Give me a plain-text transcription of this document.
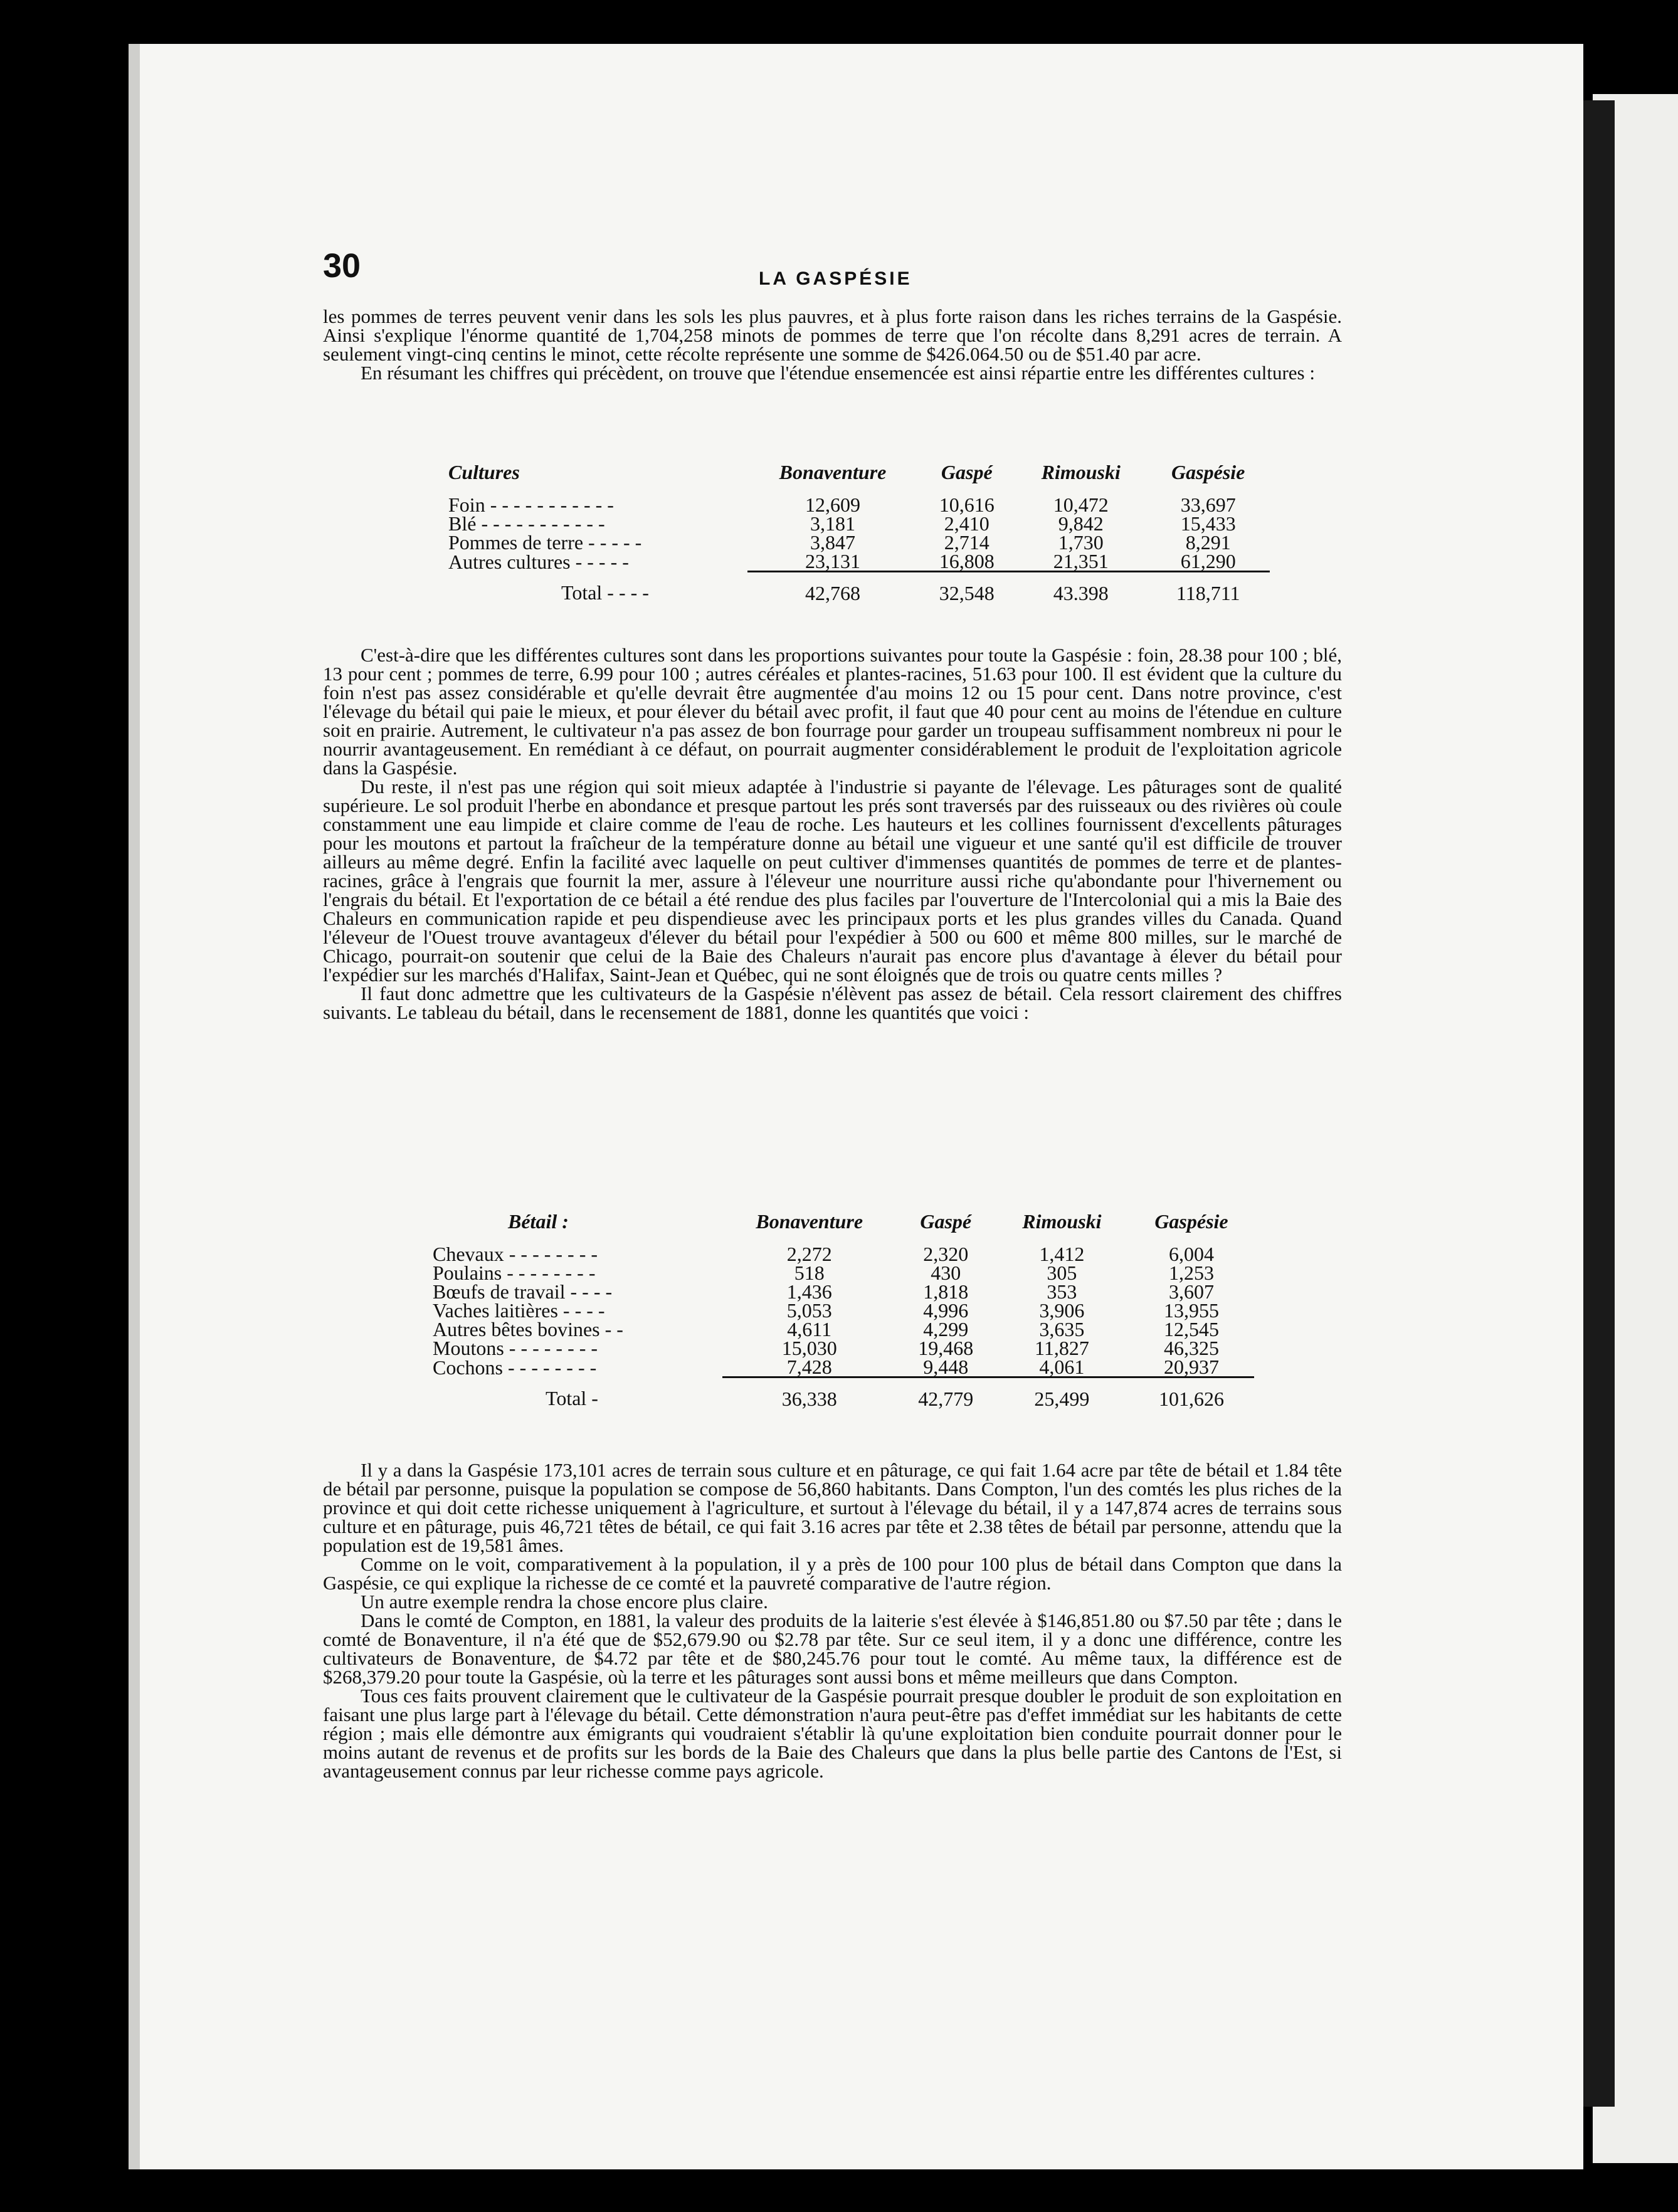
30	LA GASPÉSIE

les pommes de terres peuvent venir dans les sols les plus pauvres, et à plus forte raison dans les riches terrains de la Gaspésie. Ainsi s'explique l'énorme quantité de 1,704,258 minots de pommes de terre que l'on récolte dans 8,291 acres de terrain. A seulement vingt-cinq centins le minot, cette récolte représente une somme de $426.064.50 ou de $51.40 par acre.

En résumant les chiffres qui précèdent, on trouve que l'étendue ensemencée est ainsi répartie entre les différentes cultures :

Cultures	Bonaventure	Gaspé	Rimouski	Gaspésie
Foin - - - - - - - - - - -	12,609	10,616	10,472	33,697
Blé - - - - - - - - - - -	3,181	2,410	9,842	15,433
Pommes de terre - - - - -	3,847	2,714	1,730	8,291
Autres cultures - - - - -	23,131	16,808	21,351	61,290
Total - - - -	42,768	32,548	43.398	118,711

C'est-à-dire que les différentes cultures sont dans les proportions suivantes pour toute la Gaspésie : foin, 28.38 pour 100 ; blé, 13 pour cent ; pommes de terre, 6.99 pour 100 ; autres céréales et plantes-racines, 51.63 pour 100. Il est évident que la culture du foin n'est pas assez considérable et qu'elle devrait être augmentée d'au moins 12 ou 15 pour cent. Dans notre province, c'est l'élevage du bétail qui paie le mieux, et pour élever du bétail avec profit, il faut que 40 pour cent au moins de l'étendue en culture soit en prairie. Autrement, le cultivateur n'a pas assez de bon fourrage pour garder un troupeau suffisamment nombreux ni pour le nourrir avantageusement. En remédiant à ce défaut, on pourrait augmenter considérablement le produit de l'exploitation agricole dans la Gaspésie.

Du reste, il n'est pas une région qui soit mieux adaptée à l'industrie si payante de l'élevage. Les pâturages sont de qualité supérieure. Le sol produit l'herbe en abondance et presque partout les prés sont traversés par des ruisseaux ou des rivières où coule constamment une eau limpide et claire comme de l'eau de roche. Les hauteurs et les collines fournissent d'excellents pâturages pour les moutons et partout la fraîcheur de la température donne au bétail une vigueur et une santé qu'il est difficile de trouver ailleurs au même degré. Enfin la facilité avec laquelle on peut cultiver d'immenses quantités de pommes de terre et de plantes-racines, grâce à l'engrais que fournit la mer, assure à l'éleveur une nourriture aussi riche qu'abondante pour l'hivernement ou l'engrais du bétail. Et l'exportation de ce bétail a été rendue des plus faciles par l'ouverture de l'Intercolonial qui a mis la Baie des Chaleurs en communication rapide et peu dispendieuse avec les principaux ports et les plus grandes villes du Canada. Quand l'éleveur de l'Ouest trouve avantageux d'élever du bétail pour l'expédier à 500 ou 600 et même 800 milles, sur le marché de Chicago, pourrait-on soutenir que celui de la Baie des Chaleurs n'aurait pas encore plus d'avantage à élever du bétail pour l'expédier sur les marchés d'Halifax, Saint-Jean et Québec, qui ne sont éloignés que de trois ou quatre cents milles ?

Il faut donc admettre que les cultivateurs de la Gaspésie n'élèvent pas assez de bétail. Cela ressort clairement des chiffres suivants. Le tableau du bétail, dans le recensement de 1881, donne les quantités que voici :

Bétail :	Bonaventure	Gaspé	Rimouski	Gaspésie
Chevaux - - - - - - - -	2,272	2,320	1,412	6,004
Poulains - - - - - - - -	518	430	305	1,253
Bœufs de travail - - - -	1,436	1,818	353	3,607
Vaches laitières - - - -	5,053	4,996	3,906	13,955
Autres bêtes bovines - -	4,611	4,299	3,635	12,545
Moutons - - - - - - - -	15,030	19,468	11,827	46,325
Cochons - - - - - - - -	7,428	9,448	4,061	20,937
Total -	36,338	42,779	25,499	101,626

Il y a dans la Gaspésie 173,101 acres de terrain sous culture et en pâturage, ce qui fait 1.64 acre par tête de bétail et 1.84 tête de bétail par personne, puisque la population se compose de 56,860 habitants. Dans Compton, l'un des comtés les plus riches de la province et qui doit cette richesse uniquement à l'agriculture, et surtout à l'élevage du bétail, il y a 147,874 acres de terrains sous culture et en pâturage, puis 46,721 têtes de bétail, ce qui fait 3.16 acres par tête et 2.38 têtes de bétail par personne, attendu que la population est de 19,581 âmes.

Comme on le voit, comparativement à la population, il y a près de 100 pour 100 plus de bétail dans Compton que dans la Gaspésie, ce qui explique la richesse de ce comté et la pauvreté comparative de l'autre région.

Un autre exemple rendra la chose encore plus claire.

Dans le comté de Compton, en 1881, la valeur des produits de la laiterie s'est élevée à $146,851.80 ou $7.50 par tête ; dans le comté de Bonaventure, il n'a été que de $52,679.90 ou $2.78 par tête. Sur ce seul item, il y a donc une différence, contre les cultivateurs de Bonaventure, de $4.72 par tête et de $80,245.76 pour tout le comté. Au même taux, la différence est de $268,379.20 pour toute la Gaspésie, où la terre et les pâturages sont aussi bons et même meilleurs que dans Compton.

Tous ces faits prouvent clairement que le cultivateur de la Gaspésie pourrait presque doubler le produit de son exploitation en faisant une plus large part à l'élevage du bétail. Cette démonstration n'aura peut-être pas d'effet immédiat sur les habitants de cette région ; mais elle démontre aux émigrants qui voudraient s'établir là qu'une exploitation bien conduite pourrait donner pour le moins autant de revenus et de profits sur les bords de la Baie des Chaleurs que dans la plus belle partie des Cantons de l'Est, si avantageusement connus par leur richesse comme pays agricole.
